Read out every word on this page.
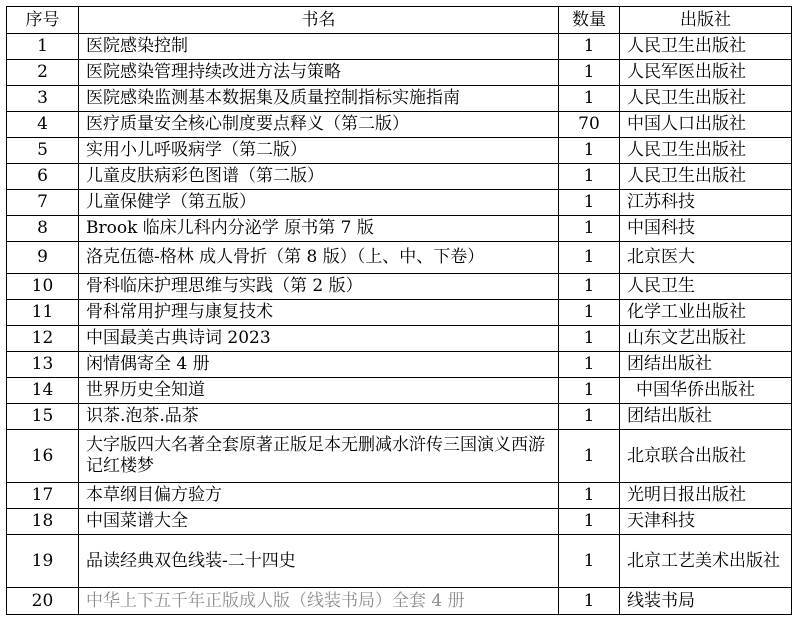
序号	书名	数量	出版社
1	医院感染控制	1	人民卫生出版社
2	医院感染管理持续改进方法与策略	1	人民军医出版社
3	医院感染监测基本数据集及质量控制指标实施指南	1	人民卫生出版社
4	医疗质量安全核心制度要点释义（第二版）	70	中国人口出版社
5	实用小儿呼吸病学（第二版）	1	人民卫生出版社
6	儿童皮肤病彩色图谱（第二版）	1	人民卫生出版社
7	儿童保健学（第五版）	1	江苏科技
8	Brook 临床儿科内分泌学 原书第 7 版	1	中国科技
9	洛克伍德-格林 成人骨折（第 8 版）（上、中、下卷）	1	北京医大
10	骨科临床护理思维与实践（第 2 版）	1	人民卫生
11	骨科常用护理与康复技术	1	化学工业出版社
12	中国最美古典诗词 2023	1	山东文艺出版社
13	闲情偶寄全 4 册	1	团结出版社
14	世界历史全知道	1	中国华侨出版社
15	识茶.泡茶.品茶	1	团结出版社
16	大字版四大名著全套原著正版足本无删减水浒传三国演义西游记红楼梦	1	北京联合出版社
17	本草纲目偏方验方	1	光明日报出版社
18	中国菜谱大全	1	天津科技
19	品读经典双色线装-二十四史	1	北京工艺美术出版社
20	中华上下五千年正版成人版（线装书局）全套 4 册	1	线装书局
